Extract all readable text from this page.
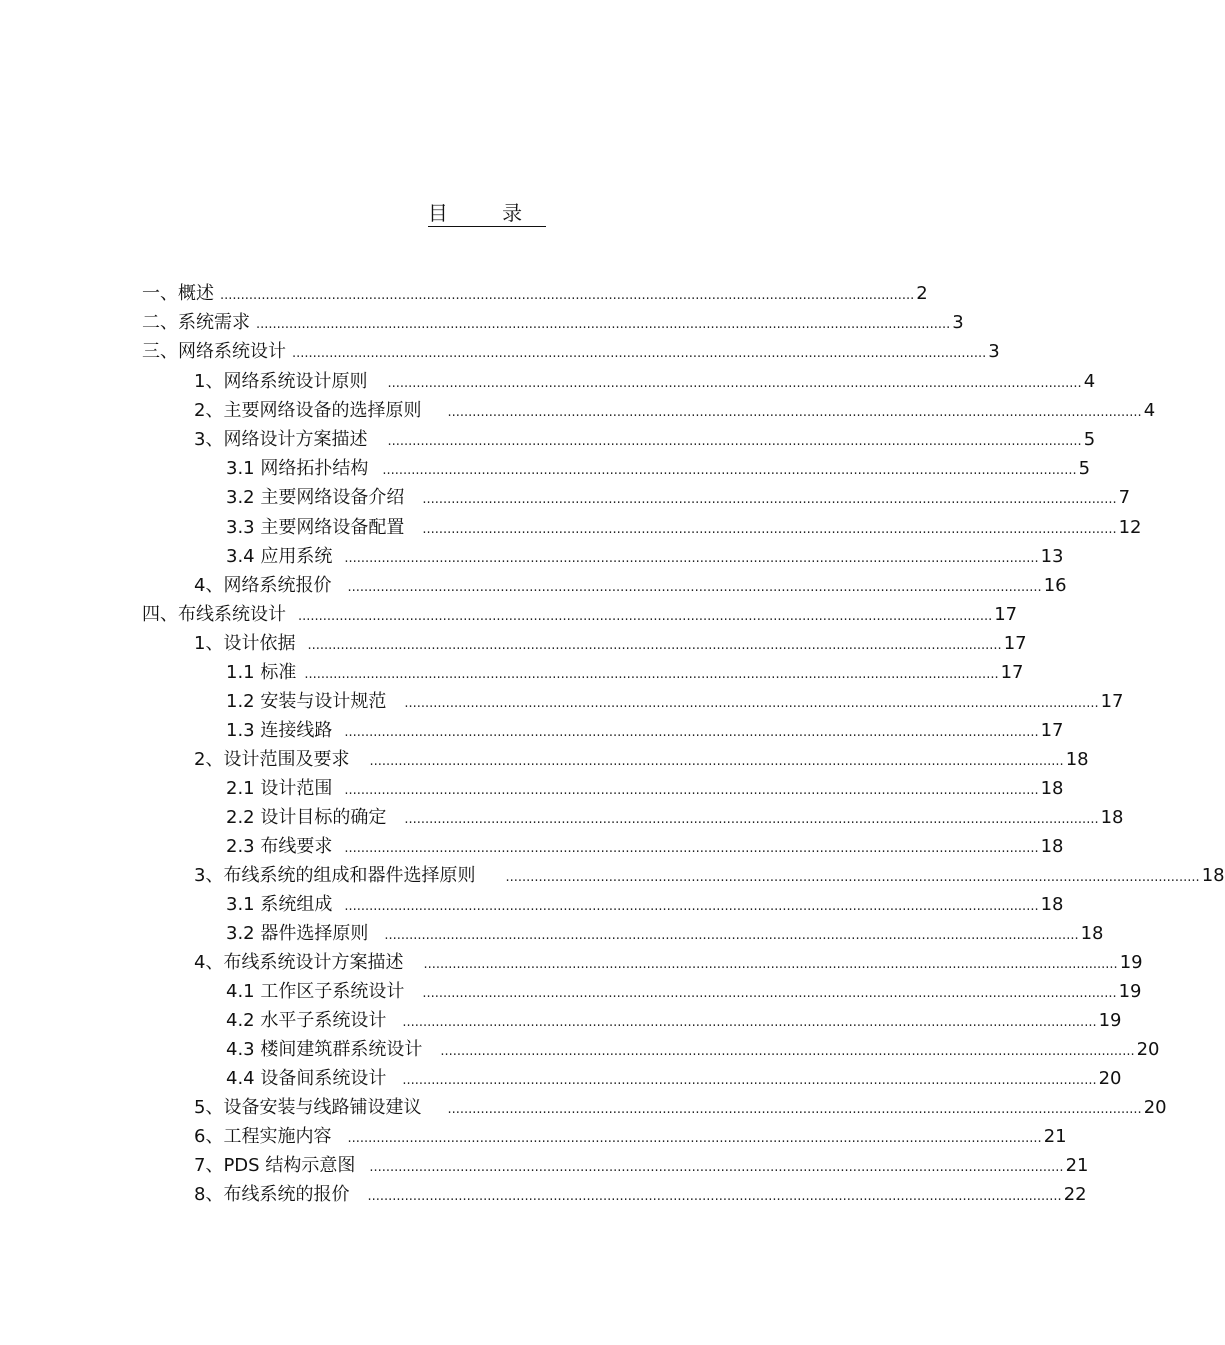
目 录
一、概述 ........................................................................................................................................................................ 2
二、系统需求 ........................................................................................................................................................................ 3
三、网络系统设计 ........................................................................................................................................................................ 3
1、网络系统设计原则 ........................................................................................................................................................................ 4
2、主要网络设备的选择原则 ........................................................................................................................................................................ 4
3、网络设计方案描述 ........................................................................................................................................................................ 5
3.1 网络拓扑结构 ........................................................................................................................................................................ 5
3.2 主要网络设备介绍 ........................................................................................................................................................................ 7
3.3 主要网络设备配置 ........................................................................................................................................................................ 12
3.4 应用系统 ........................................................................................................................................................................ 13
4、网络系统报价 ........................................................................................................................................................................ 16
四、布线系统设计 ........................................................................................................................................................................ 17
1、设计依据 ........................................................................................................................................................................ 17
1.1 标准 ........................................................................................................................................................................ 17
1.2 安装与设计规范 ........................................................................................................................................................................ 17
1.3 连接线路 ........................................................................................................................................................................ 17
2、设计范围及要求 ........................................................................................................................................................................ 18
2.1 设计范围 ........................................................................................................................................................................ 18
2.2 设计目标的确定 ........................................................................................................................................................................ 18
2.3 布线要求 ........................................................................................................................................................................ 18
3、布线系统的组成和器件选择原则 ........................................................................................................................................................................ 18
3.1 系统组成 ........................................................................................................................................................................ 18
3.2 器件选择原则 ........................................................................................................................................................................ 18
4、布线系统设计方案描述 ........................................................................................................................................................................ 19
4.1 工作区子系统设计 ........................................................................................................................................................................ 19
4.2 水平子系统设计 ........................................................................................................................................................................ 19
4.3 楼间建筑群系统设计 ........................................................................................................................................................................ 20
4.4 设备间系统设计 ........................................................................................................................................................................ 20
5、设备安装与线路铺设建议 ........................................................................................................................................................................ 20
6、工程实施内容 ........................................................................................................................................................................ 21
7、PDS 结构示意图 ........................................................................................................................................................................ 21
8、布线系统的报价 ........................................................................................................................................................................ 22
